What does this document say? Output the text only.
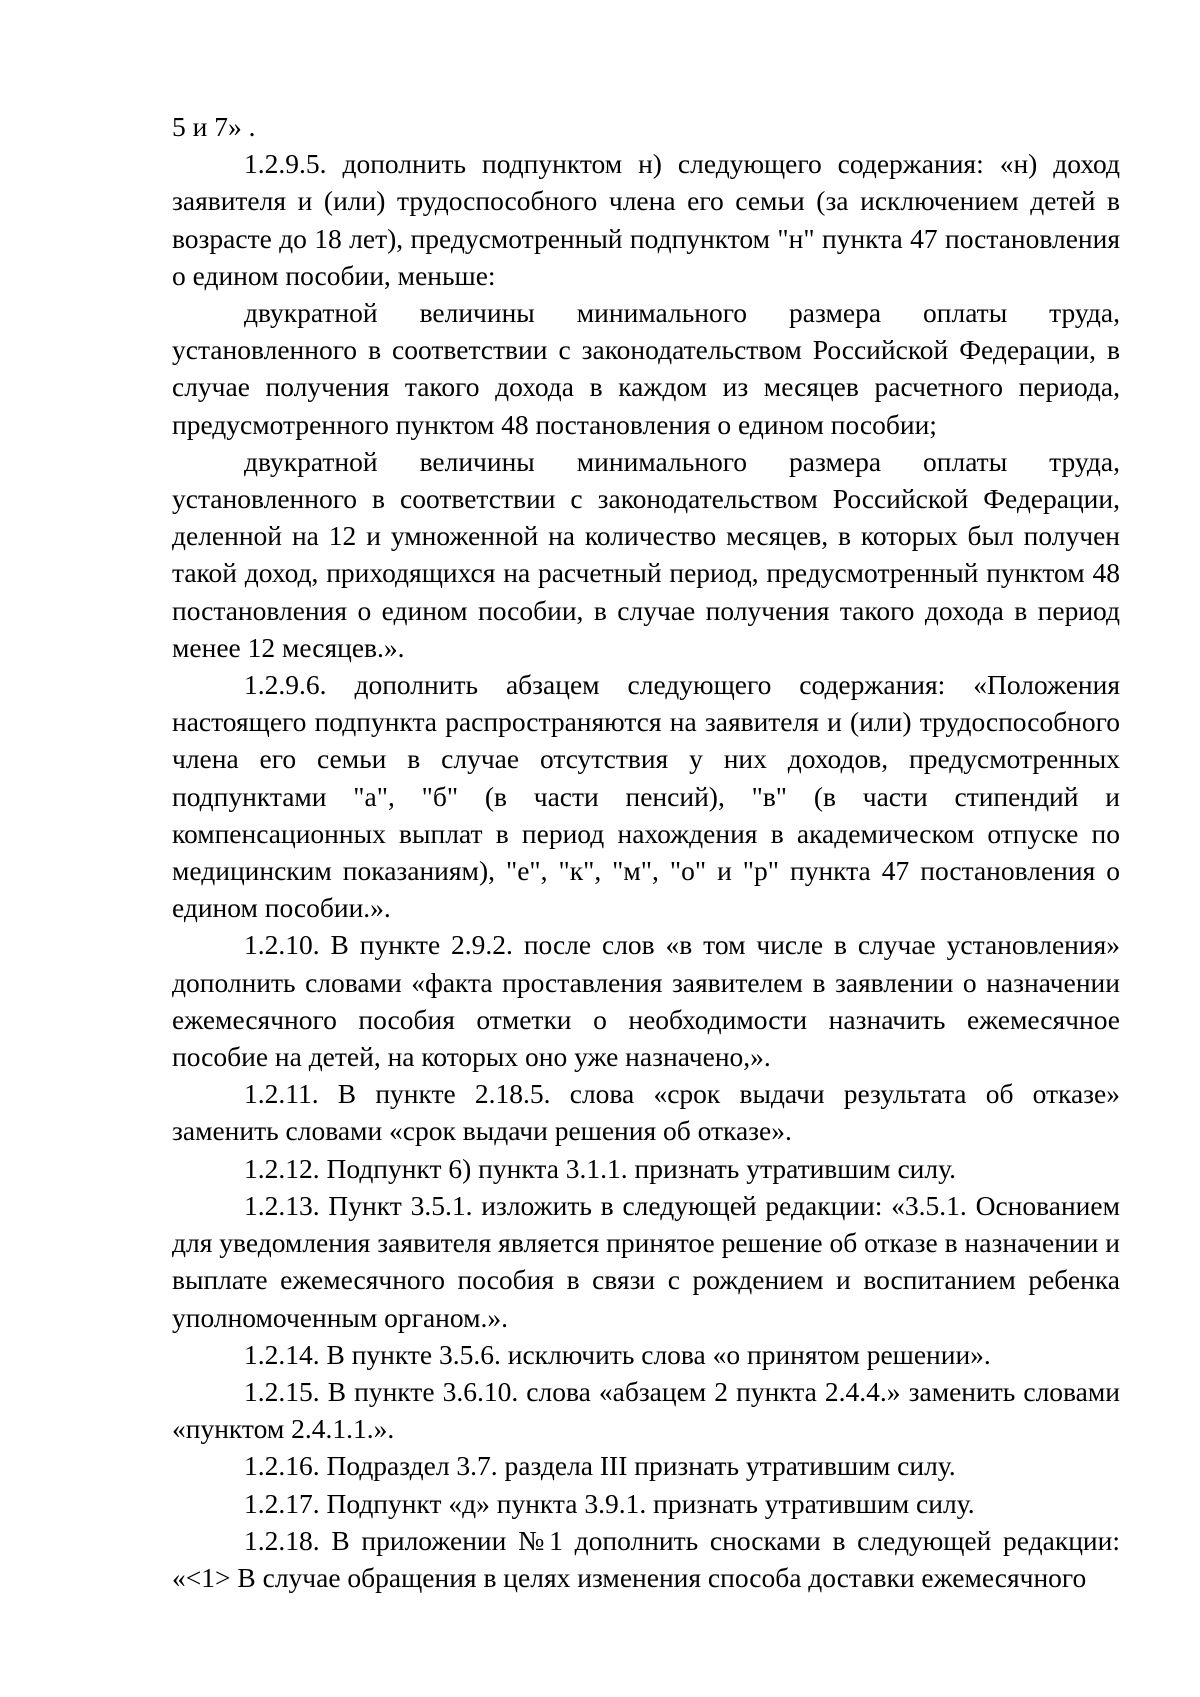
5 и 7» .

1.2.9.5. дополнить подпунктом н) следующего содержания: «н) доход заявителя и (или) трудоспособного члена его семьи (за исключением детей в возрасте до 18 лет), предусмотренный подпунктом "н" пункта 47 постановления о едином пособии, меньше:

двукратной величины минимального размера оплаты труда, установленного в соответствии с законодательством Российской Федерации, в случае получения такого дохода в каждом из месяцев расчетного периода, предусмотренного пунктом 48 постановления о едином пособии;

двукратной величины минимального размера оплаты труда, установленного в соответствии с законодательством Российской Федерации, деленной на 12 и умноженной на количество месяцев, в которых был получен такой доход, приходящихся на расчетный период, предусмотренный пунктом 48 постановления о едином пособии, в случае получения такого дохода в период менее 12 месяцев.».

1.2.9.6. дополнить абзацем следующего содержания: «Положения настоящего подпункта распространяются на заявителя и (или) трудоспособного члена его семьи в случае отсутствия у них доходов, предусмотренных подпунктами "а", "б" (в части пенсий), "в" (в части стипендий и компенсационных выплат в период нахождения в академическом отпуске по медицинским показаниям), "е", "к", "м", "о" и "р" пункта 47 постановления о едином пособии.».

1.2.10. В пункте 2.9.2. после слов «в том числе в случае установления» дополнить словами «факта проставления заявителем в заявлении о назначении ежемесячного пособия отметки о необходимости назначить ежемесячное пособие на детей, на которых оно уже назначено,».

1.2.11. В пункте 2.18.5. слова «срок выдачи результата об отказе» заменить словами «срок выдачи решения об отказе».

1.2.12. Подпункт 6) пункта 3.1.1. признать утратившим силу.

1.2.13. Пункт 3.5.1. изложить в следующей редакции: «3.5.1. Основанием для уведомления заявителя является принятое решение об отказе в назначении и выплате ежемесячного пособия в связи с рождением и воспитанием ребенка уполномоченным органом.».

1.2.14. В пункте 3.5.6. исключить слова «о принятом решении».

1.2.15. В пункте 3.6.10. слова «абзацем 2 пункта 2.4.4.» заменить словами «пунктом 2.4.1.1.».

1.2.16. Подраздел 3.7. раздела III признать утратившим силу.

1.2.17. Подпункт «д» пункта 3.9.1. признать утратившим силу.

1.2.18. В приложении №1 дополнить сносками в следующей редакции: «<1> В случае обращения в целях изменения способа доставки ежемесячного
